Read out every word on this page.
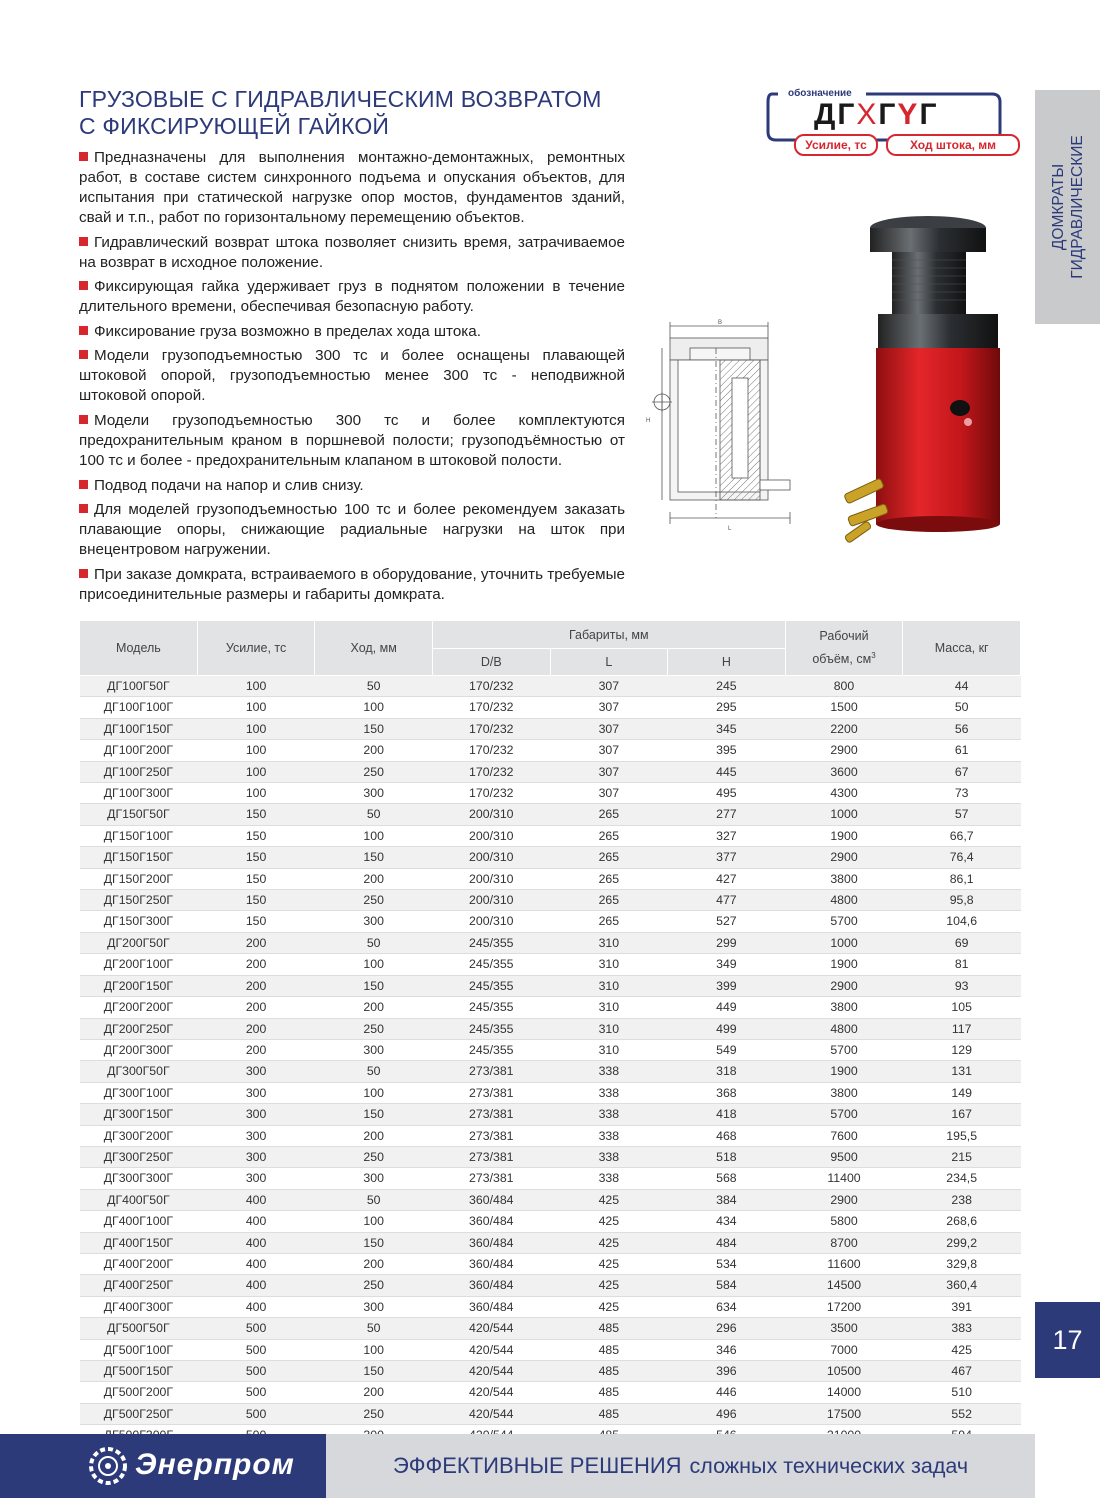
ГРУЗОВЫЕ С ГИДРАВЛИЧЕСКИМ ВОЗВРАТОМ
С ФИКСИРУЮЩЕЙ ГАЙКОЙ

Предназначены для выполнения монтажно-демонтажных, ремонтных работ, в составе систем синхронного подъема и опускания объектов, для испытания при статической нагрузке опор мостов, фундаментов зданий, свай и т.п., работ по горизонтальному перемещению объектов.

Гидравлический возврат штока позволяет снизить время, затрачиваемое на возврат в исходное положение.

Фиксирующая гайка удерживает груз в поднятом положении в течение длительного времени, обеспечивая безопасную работу.

Фиксирование груза возможно в пределах хода штока.

Модели грузоподъемностью 300 тс и более оснащены плавающей штоковой опорой, грузоподъемностью менее 300 тс - неподвижной штоковой опорой.

Модели грузоподъемностью 300 тс и более комплектуются предохранительным краном в поршневой полости; грузоподъёмностью от 100 тс и более - предохранительным клапаном в штоковой полости.

Подвод подачи на напор и слив снизу.

Для моделей грузоподъемностью 100 тс и более рекомендуем заказать плавающие опоры, снижающие радиальные нагрузки на шток при внецентровом нагружении.

При заказе домкрата, встраиваемого в оборудование, уточнить требуемые присоединительные размеры и габариты домкрата.

обозначение
ДГXГYГ
Усилие, тс	Ход штока, мм
ДОМКРАТЫ ГИДРАВЛИЧЕСКИЕ
B
H
L
Модель	Усилие, тс	Ход, мм	Габариты, мм			Рабочий
объём, $см^3$	Масса, кг
			D/B	L	H		
ДГ100Г50Г	100	50	170/232	307	245	800	44
ДГ100Г100Г	100	100	170/232	307	295	1500	50
ДГ100Г150Г	100	150	170/232	307	345	2200	56
ДГ100Г200Г	100	200	170/232	307	395	2900	61
ДГ100Г250Г	100	250	170/232	307	445	3600	67
ДГ100Г300Г	100	300	170/232	307	495	4300	73
ДГ150Г50Г	150	50	200/310	265	277	1000	57
ДГ150Г100Г	150	100	200/310	265	327	1900	66,7
ДГ150Г150Г	150	150	200/310	265	377	2900	76,4
ДГ150Г200Г	150	200	200/310	265	427	3800	86,1
ДГ150Г250Г	150	250	200/310	265	477	4800	95,8
ДГ150Г300Г	150	300	200/310	265	527	5700	104,6
ДГ200Г50Г	200	50	245/355	310	299	1000	69
ДГ200Г100Г	200	100	245/355	310	349	1900	81
ДГ200Г150Г	200	150	245/355	310	399	2900	93
ДГ200Г200Г	200	200	245/355	310	449	3800	105
ДГ200Г250Г	200	250	245/355	310	499	4800	117
ДГ200Г300Г	200	300	245/355	310	549	5700	129
ДГ300Г50Г	300	50	273/381	338	318	1900	131
ДГ300Г100Г	300	100	273/381	338	368	3800	149
ДГ300Г150Г	300	150	273/381	338	418	5700	167
ДГ300Г200Г	300	200	273/381	338	468	7600	195,5
ДГ300Г250Г	300	250	273/381	338	518	9500	215
ДГ300Г300Г	300	300	273/381	338	568	11400	234,5
ДГ400Г50Г	400	50	360/484	425	384	2900	238
ДГ400Г100Г	400	100	360/484	425	434	5800	268,6
ДГ400Г150Г	400	150	360/484	425	484	8700	299,2
ДГ400Г200Г	400	200	360/484	425	534	11600	329,8
ДГ400Г250Г	400	250	360/484	425	584	14500	360,4
ДГ400Г300Г	400	300	360/484	425	634	17200	391
ДГ500Г50Г	500	50	420/544	485	296	3500	383
ДГ500Г100Г	500	100	420/544	485	346	7000	425
ДГ500Г150Г	500	150	420/544	485	396	10500	467
ДГ500Г200Г	500	200	420/544	485	446	14000	510
ДГ500Г250Г	500	250	420/544	485	496	17500	552

17
Энерпром	ЭФФЕКТИВНЫЕ РЕШЕНИЯ сложных технических задач
